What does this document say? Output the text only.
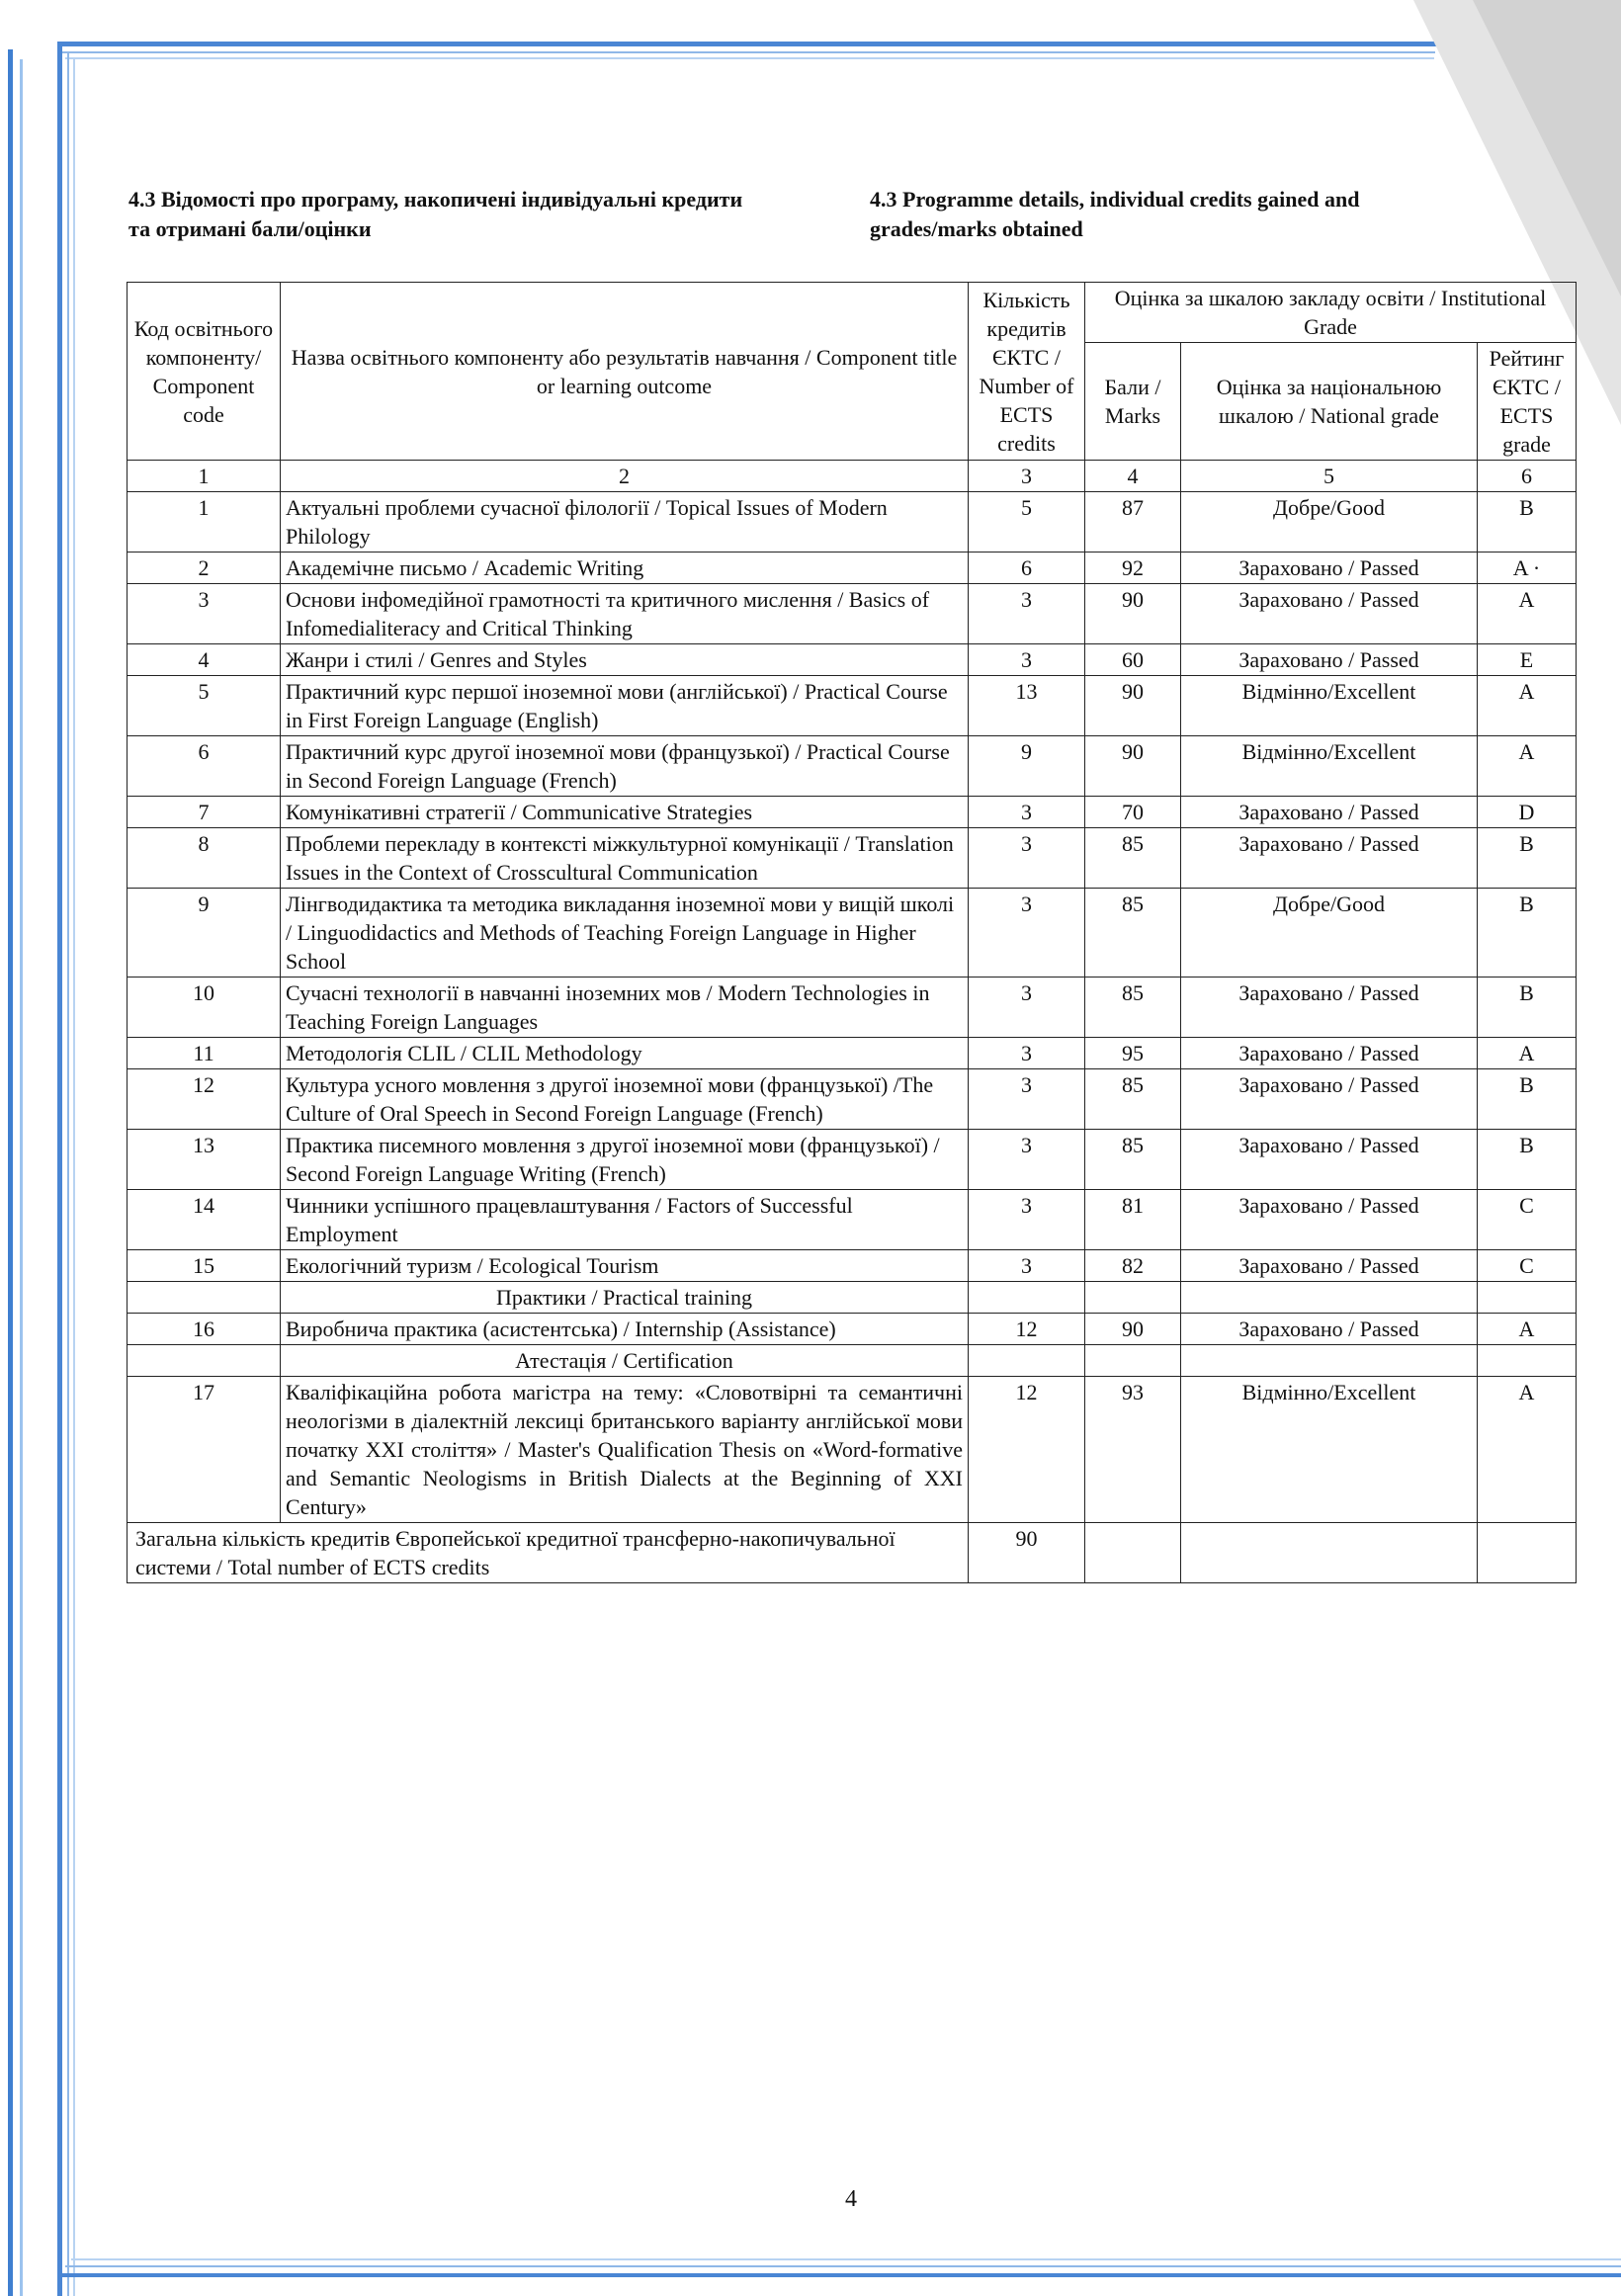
4.3 Відомості про програму, накопичені індивідуальні кредити та отримані бали/оцінки
4.3 Programme details, individual credits gained and grades/marks obtained
Код освітнього компоненту/ Component code	Назва освітнього компоненту або результатів навчання / Component title or learning outcome	Кількість кредитів ЄКТС / Number of ECTS credits	Оцінка за шкалою закладу освіти / Institutional Grade		
			Бали / Marks	Оцінка за національною шкалою / National grade	Рейтинг ЄКТС / ECTS grade
1	2	3	4	5	6
1	Актуальні проблеми сучасної філології / Topical Issues of Modern Philology	5	87	Добре/Good	B
2	Академічне письмо / Academic Writing	6	92	Зараховано / Passed	A ·
3	Основи інфомедійної грамотності та критичного мислення / Basics of Infomedialiteracy and Critical Thinking	3	90	Зараховано / Passed	A
4	Жанри і стилі / Genres and Styles	3	60	Зараховано / Passed	E
5	Практичний курс першої іноземної мови (англійської) / Practical Course in First Foreign Language (English)	13	90	Відмінно/Excellent	A
6	Практичний курс другої іноземної мови (французької) / Practical Course in Second Foreign Language (French)	9	90	Відмінно/Excellent	A
7	Комунікативні стратегії / Communicative Strategies	3	70	Зараховано / Passed	D
8	Проблеми перекладу в контексті міжкультурної комунікації / Translation Issues in the Context of Crosscultural Communication	3	85	Зараховано / Passed	B
9	Лінгводидактика та методика викладання іноземної мови у вищій школі / Linguodidactics and Methods of Teaching Foreign Language in Higher School	3	85	Добре/Good	B
10	Сучасні технології в навчанні іноземних мов / Modern Technologies in Teaching Foreign Languages	3	85	Зараховано / Passed	B
11	Методологія CLIL / CLIL Methodology	3	95	Зараховано / Passed	A
12	Культура усного мовлення з другої іноземної мови (французької) /The Culture of Oral Speech in Second Foreign Language (French)	3	85	Зараховано / Passed	B
13	Практика писемного мовлення з другої іноземної мови (французької) / Second Foreign Language Writing (French)	3	85	Зараховано / Passed	B
14	Чинники успішного працевлаштування / Factors of Successful Employment	3	81	Зараховано / Passed	C
15	Екологічний туризм / Ecological Tourism	3	82	Зараховано / Passed	C
	Практики / Practical training				
16	Виробнича практика (асистентська) / Internship (Assistance)	12	90	Зараховано / Passed	A
	Атестація / Certification				
17	Кваліфікаційна робота магістра на тему: «Словотвірні та семантичні неологізми в діалектній лексиці британського варіанту англійської мови початку XXI століття» / Master's Qualification Thesis on «Word-formative and Semantic Neologisms in British Dialects at the Beginning of XXI Century»	12	93	Відмінно/Excellent	A
Загальна кількість кредитів Європейської кредитної трансферно-накопичувальної системи / Total number of ECTS credits		90			
4
